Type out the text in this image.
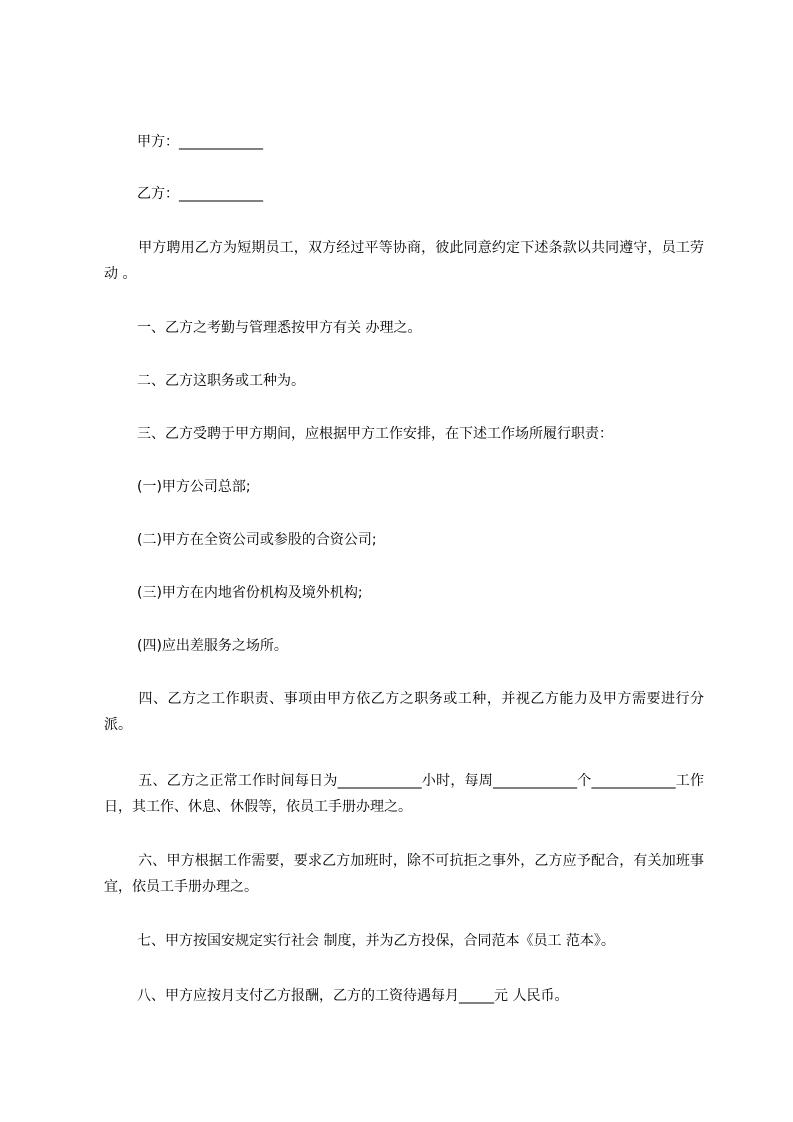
甲方：____________
乙方：____________
甲方聘用乙方为短期员工，双方经过平等协商，彼此同意约定下述条款以共同遵守，员工劳动 。
一、乙方之考勤与管理悉按甲方有关 办理之。
二、乙方这职务或工种为。
三、乙方受聘于甲方期间，应根据甲方工作安排，在下述工作场所履行职责：
(一)甲方公司总部;
(二)甲方在全资公司或参股的合资公司;
(三)甲方在内地省份机构及境外机构;
(四)应出差服务之场所。
四、乙方之工作职责、事项由甲方依乙方之职务或工种，并视乙方能力及甲方需要进行分派。
五、乙方之正常工作时间每日为____________小时，每周____________个____________工作日，其工作、休息、休假等，依员工手册办理之。
六、甲方根据工作需要，要求乙方加班时，除不可抗拒之事外，乙方应予配合，有关加班事宜，依员工手册办理之。
七、甲方按国安规定实行社会 制度，并为乙方投保，合同范本《员工 范本》。
八、甲方应按月支付乙方报酬，乙方的工资待遇每月_____元 人民币。
